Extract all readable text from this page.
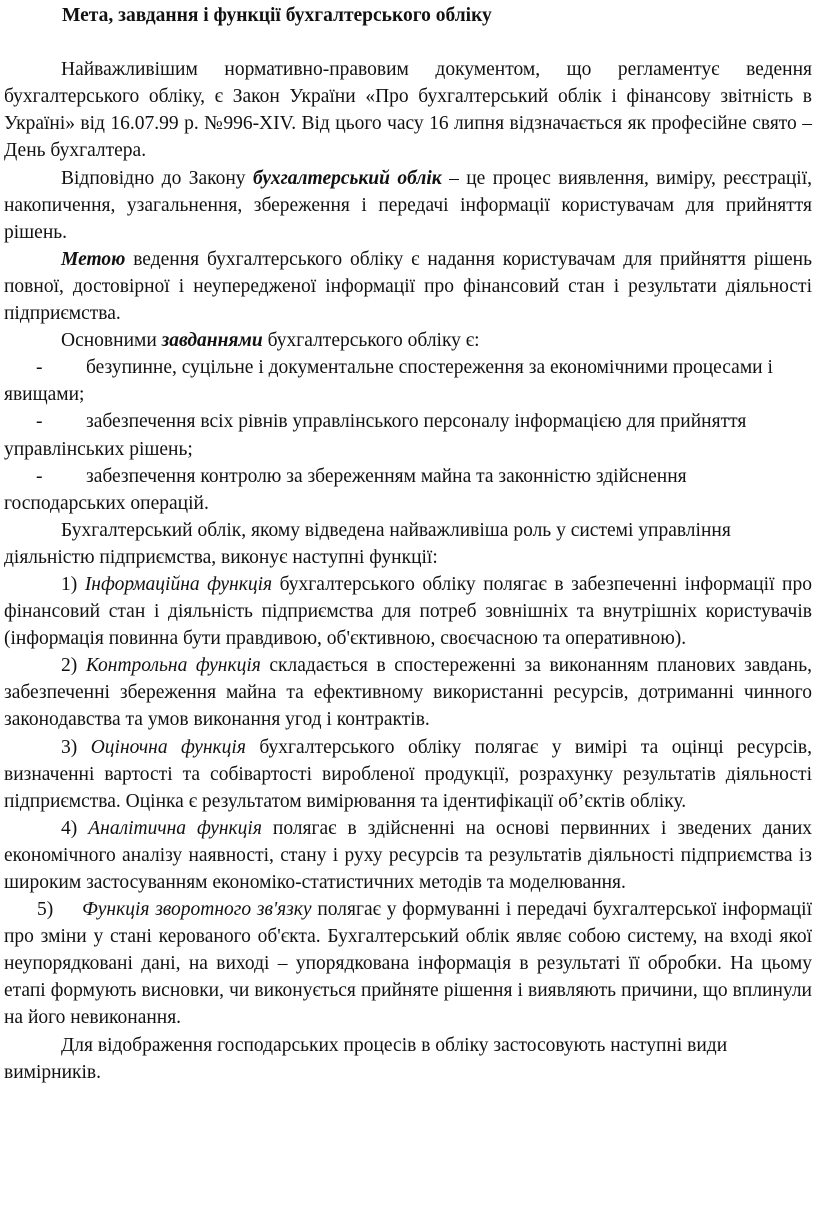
Мета, завдання і функції бухгалтерського обліку

Найважливішим нормативно-правовим документом, що регламентує ведення бухгалтерського обліку, є Закон України «Про бухгалтерський облік і фінансову звітність в Україні» від 16.07.99 р. №996-XIV. Від цього часу 16 липня відзначається як професійне свято – День бухгалтера.

Відповідно до Закону бухгалтерський облік – це процес виявлення, виміру, реєстрації, накопичення, узагальнення, збереження і передачі інформації користувачам для прийняття рішень.

Метою ведення бухгалтерського обліку є надання користувачам для прийняття рішень повної, достовірної і неупередженої інформації про фінансовий стан і результати діяльності підприємства.

Основними завданнями бухгалтерського обліку є:

- безупинне, суцільне і документальне спостереження за економічними процесами і явищами;

- забезпечення всіх рівнів управлінського персоналу інформацією для прийняття управлінських рішень;

- забезпечення контролю за збереженням майна та законністю здійснення господарських операцій.

Бухгалтерський облік, якому відведена найважливіша роль у системі управління діяльністю підприємства, виконує наступні функції:

1) Інформаційна функція бухгалтерського обліку полягає в забезпеченні інформації про фінансовий стан і діяльність підприємства для потреб зовнішніх та внутрішніх користувачів (інформація повинна бути правдивою, об'єктивною, своєчасною та оперативною).

2) Контрольна функція складається в спостереженні за виконанням планових завдань, забезпеченні збереження майна та ефективному використанні ресурсів, дотриманні чинного законодавства та умов виконання угод і контрактів.

3) Оціночна функція бухгалтерського обліку полягає у вимірі та оцінці ресурсів, визначенні вартості та собівартості виробленої продукції, розрахунку результатів діяльності підприємства. Оцінка є результатом вимірювання та ідентифікації об’єктів обліку.

4) Аналітична функція полягає в здійсненні на основі первинних і зведених даних економічного аналізу наявності, стану і руху ресурсів та результатів діяльності підприємства із широким застосуванням економіко-статистичних методів та моделювання.

5) Функція зворотного зв'язку полягає у формуванні і передачі бухгалтерської інформації про зміни у стані керованого об'єкта. Бухгалтерський облік являє собою систему, на вході якої неупорядковані дані, на виході – упорядкована інформація в результаті її обробки. На цьому етапі формують висновки, чи виконується прийняте рішення і виявляють причини, що вплинули на його невиконання.

Для відображення господарських процесів в обліку застосовують наступні види вимірників.
